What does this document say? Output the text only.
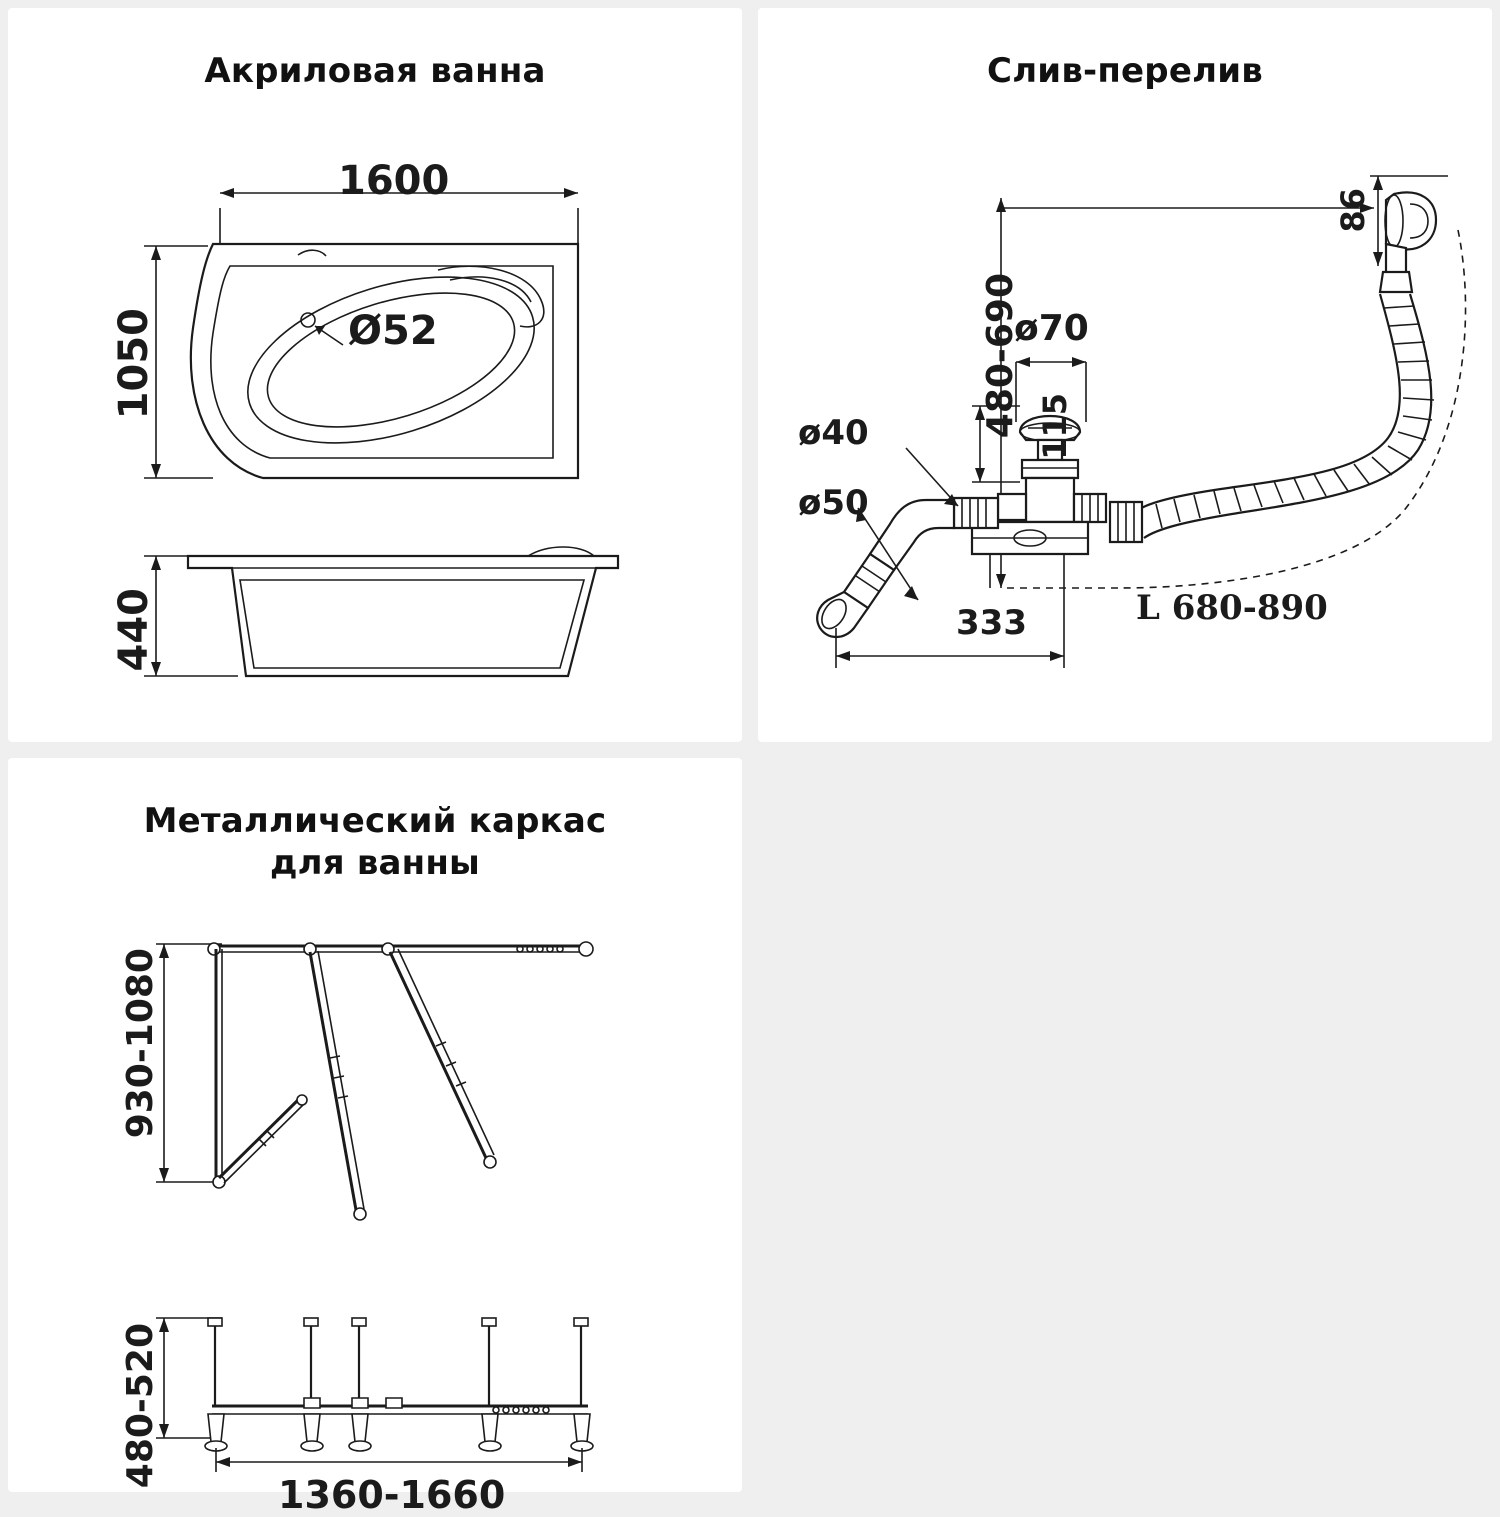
Акриловая ванна
1600
1050
440
Ø52
Слив-перелив
480-690
ø70
115
ø40
ø50
333	L 680-890
86
Металлический каркас
для ванны
930-1080
480-520
1360-1660
